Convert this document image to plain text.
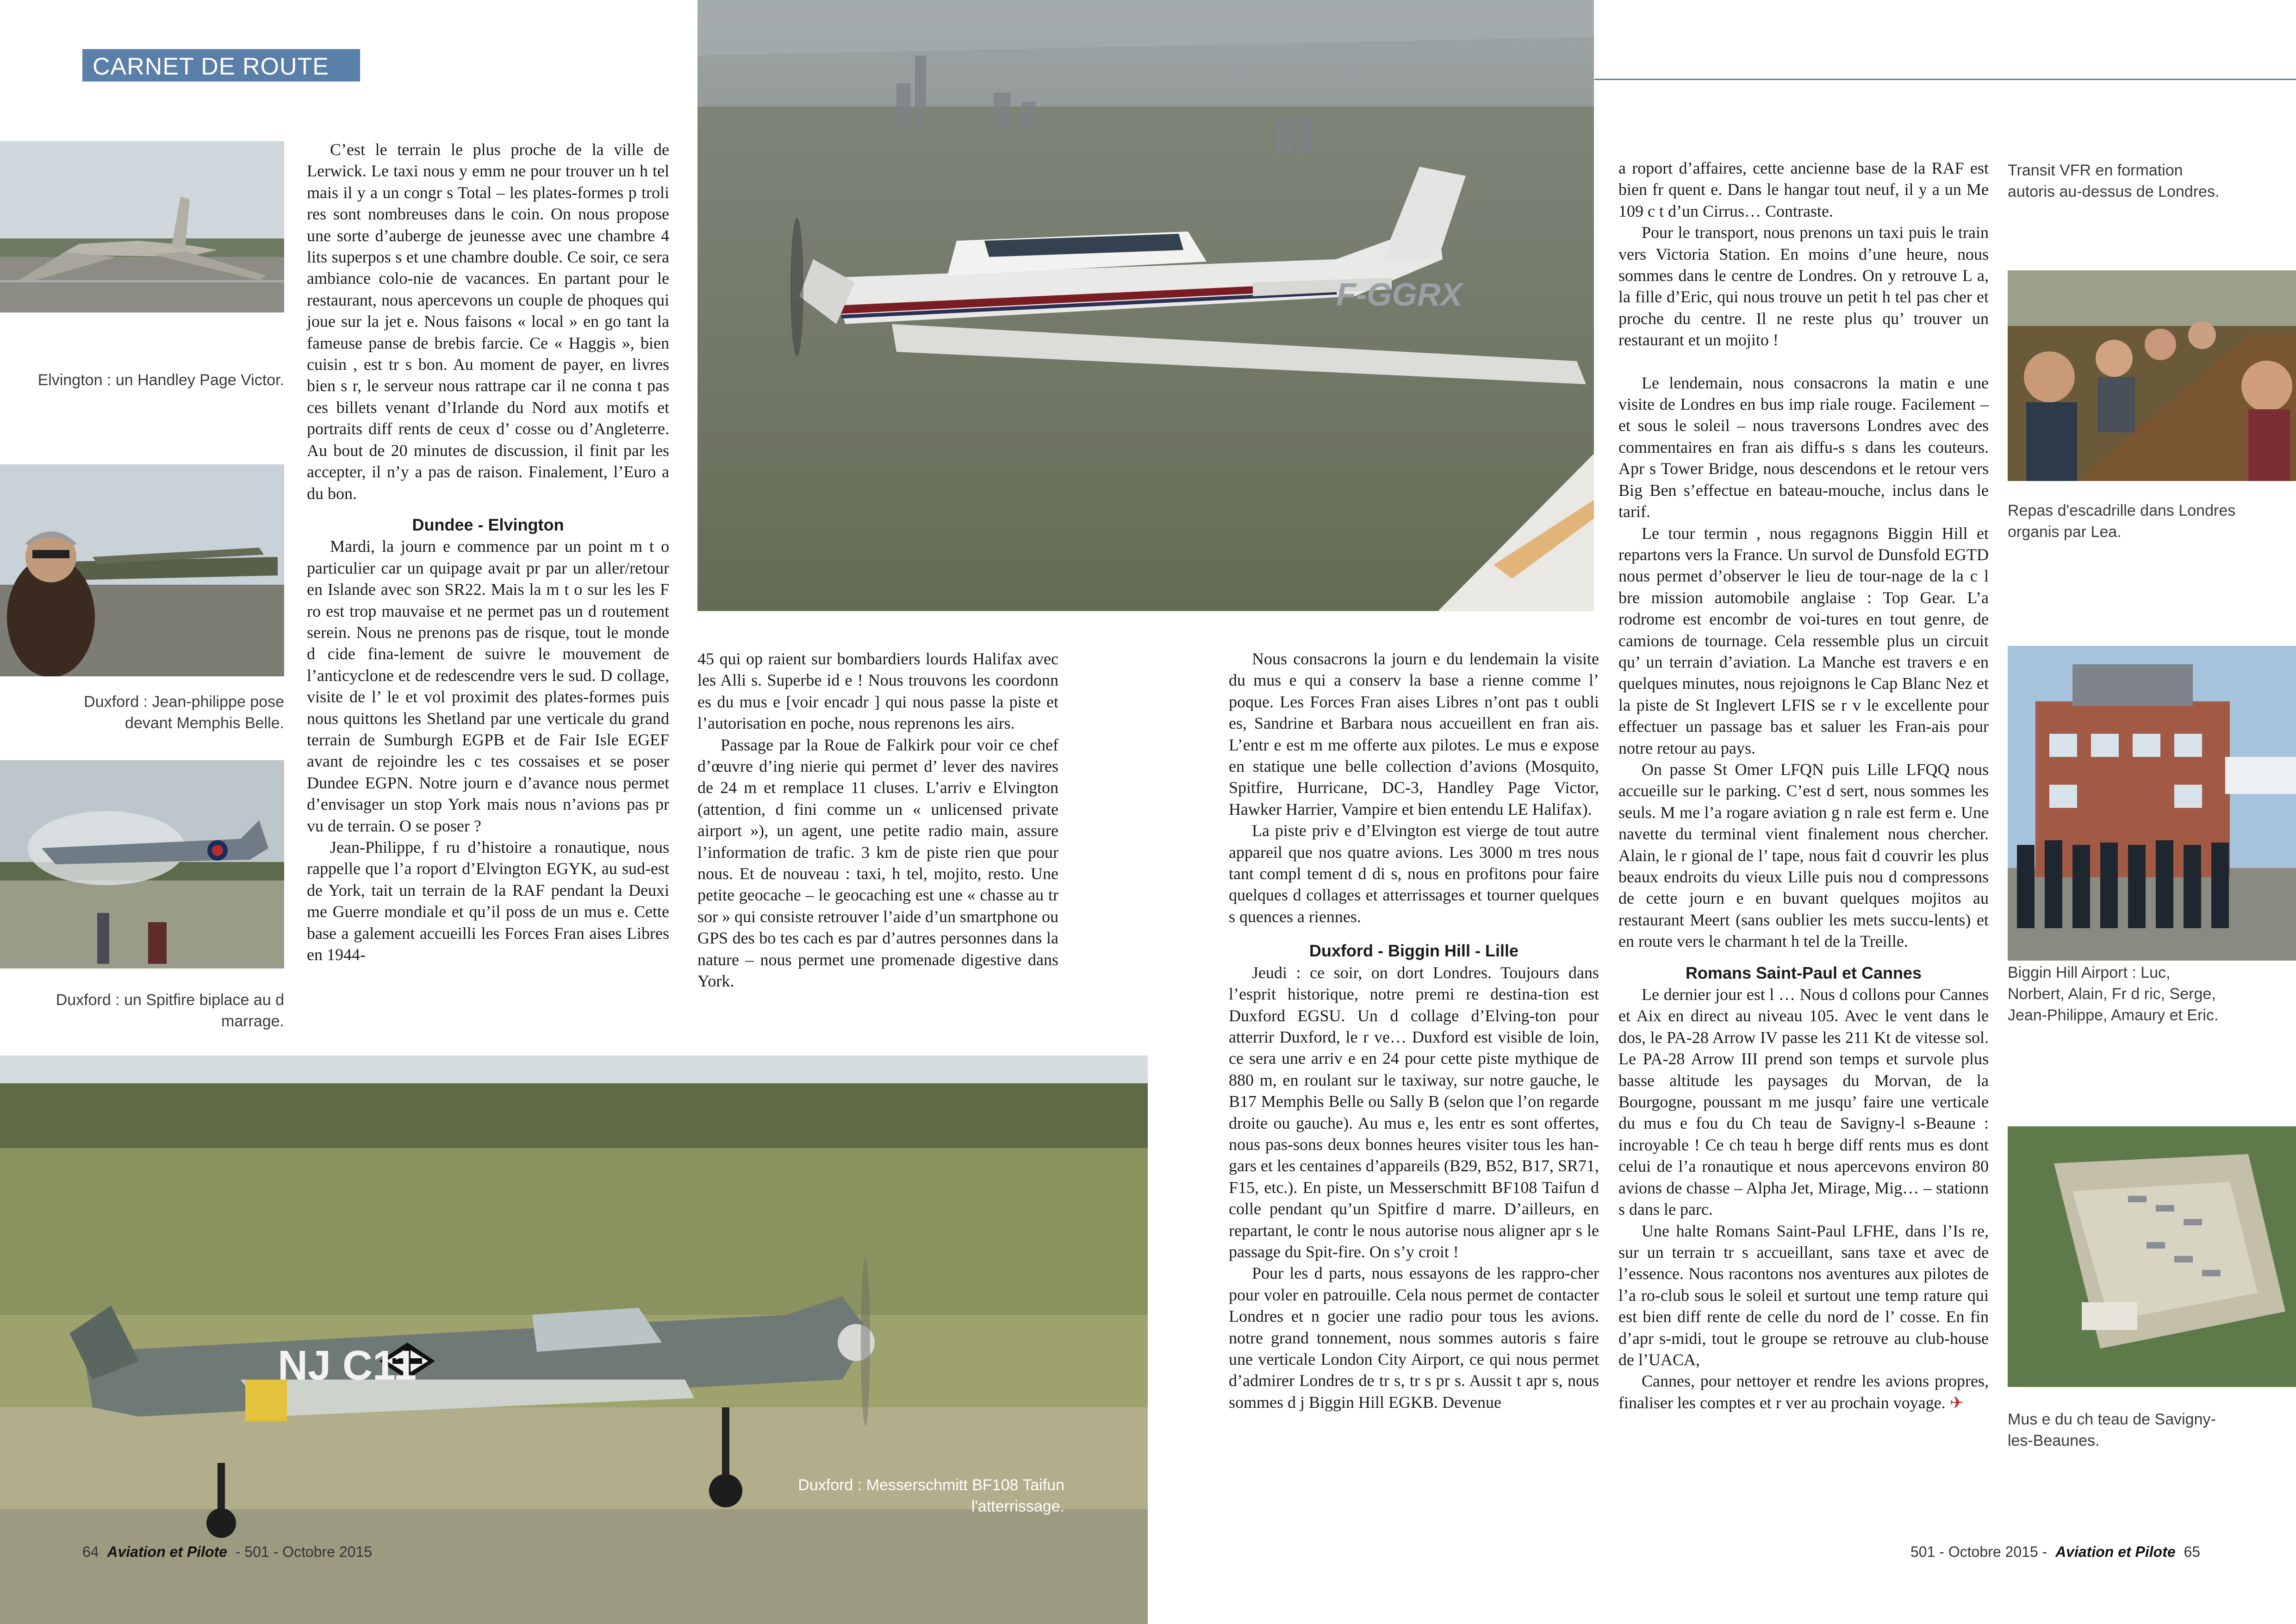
CARNET DE ROUTE
Elvington : un Handley Page Victor.
Duxford : Jean-philippe pose devant Memphis Belle.
Duxford : un Spitfire biplace au d marrage.
F-GGRX
NJ C11
Duxford : Messerschmitt BF108 Taifun l'atterrissage.
Transit VFR en formation autoris au-dessus de Londres.
Repas d'escadrille dans Londres organis par Lea.
Biggin Hill Airport : Luc, Norbert, Alain, Fr d ric, Serge, Jean-Philippe, Amaury et Eric.
Mus e du ch teau de Savigny-les-Beaunes.

C’est le terrain le plus proche de la ville de Lerwick. Le taxi nous y emm ne pour trouver un h tel mais il y a un congr s Total – les plates-formes p troli res sont nombreuses dans le coin. On nous propose une sorte d’auberge de jeunesse avec une chambre 4 lits superpos s et une chambre double. Ce soir, ce sera ambiance colo-nie de vacances. En partant pour le restaurant, nous apercevons un couple de phoques qui joue sur la jet e. Nous faisons « local » en go tant la fameuse panse de brebis farcie. Ce « Haggis », bien cuisin , est tr s bon. Au moment de payer, en livres bien s r, le serveur nous rattrape car il ne conna t pas ces billets venant d’Irlande du Nord aux motifs et portraits diff rents de ceux d’ cosse ou d’Angleterre. Au bout de 20 minutes de discussion, il finit par les accepter, il n’y a pas de raison. Finalement, l’Euro a du bon.

Dundee - Elvington

Mardi, la journ e commence par un point m t o particulier car un quipage avait pr par un aller/retour en Islande avec son SR22. Mais la m t o sur les les F ro est trop mauvaise et ne permet pas un d routement serein. Nous ne prenons pas de risque, tout le monde d cide fina-lement de suivre le mouvement de l’anticyclone et de redescendre vers le sud. D collage, visite de l’ le et vol proximit des plates-formes puis nous quittons les Shetland par une verticale du grand terrain de Sumburgh EGPB et de Fair Isle EGEF avant de rejoindre les c tes cossaises et se poser Dundee EGPN. Notre journ e d’avance nous permet d’envisager un stop York mais nous n’avions pas pr vu de terrain. O se poser ?

Jean-Philippe, f ru d’histoire a ronautique, nous rappelle que l’a roport d’Elvington EGYK, au sud-est de York, tait un terrain de la RAF pendant la Deuxi me Guerre mondiale et qu’il poss de un mus e. Cette base a galement accueilli les Forces Fran aises Libres en 1944-

45 qui op raient sur bombardiers lourds Halifax avec les Alli s. Superbe id e ! Nous trouvons les coordonn es du mus e [voir encadr ] qui nous passe la piste et l’autorisation en poche, nous reprenons les airs.

Passage par la Roue de Falkirk pour voir ce chef d’œuvre d’ing nierie qui permet d’ lever des navires de 24 m et remplace 11 cluses. L’arriv e Elvington (attention, d fini comme un « unlicensed private airport »), un agent, une petite radio main, assure l’information de trafic. 3 km de piste rien que pour nous. Et de nouveau : taxi, h tel, mojito, resto. Une petite geocache – le geocaching est une « chasse au tr sor » qui consiste retrouver l’aide d’un smartphone ou GPS des bo tes cach es par d’autres personnes dans la nature – nous permet une promenade digestive dans York.

Nous consacrons la journ e du lendemain la visite du mus e qui a conserv la base a rienne comme l’ poque. Les Forces Fran aises Libres n’ont pas t oubli es, Sandrine et Barbara nous accueillent en fran ais. L’entr e est m me offerte aux pilotes. Le mus e expose en statique une belle collection d’avions (Mosquito, Spitfire, Hurricane, DC-3, Handley Page Victor, Hawker Harrier, Vampire et bien entendu LE Halifax).

La piste priv e d’Elvington est vierge de tout autre appareil que nos quatre avions. Les 3000 m tres nous tant compl tement d di s, nous en profitons pour faire quelques d collages et atterrissages et tourner quelques s quences a riennes.

Duxford - Biggin Hill - Lille

Jeudi : ce soir, on dort Londres. Toujours dans l’esprit historique, notre premi re destina-tion est Duxford EGSU. Un d collage d’Elving-ton pour atterrir Duxford, le r ve… Duxford est visible de loin, ce sera une arriv e en 24 pour cette piste mythique de 880 m, en roulant sur le taxiway, sur notre gauche, le B17 Memphis Belle ou Sally B (selon que l’on regarde droite ou gauche). Au mus e, les entr es sont offertes, nous pas-sons deux bonnes heures visiter tous les han-gars et les centaines d’appareils (B29, B52, B17, SR71, F15, etc.). En piste, un Messerschmitt BF108 Taifun d colle pendant qu’un Spitfire d marre. D’ailleurs, en repartant, le contr le nous autorise nous aligner apr s le passage du Spit-fire. On s’y croit !

Pour les d parts, nous essayons de les rappro-cher pour voler en patrouille. Cela nous permet de contacter Londres et n gocier une radio pour tous les avions. notre grand tonnement, nous sommes autoris s faire une verticale London City Airport, ce qui nous permet d’admirer Londres de tr s, tr s pr s. Aussit t apr s, nous sommes d j Biggin Hill EGKB. Devenue

a roport d’affaires, cette ancienne base de la RAF est bien fr quent e. Dans le hangar tout neuf, il y a un Me 109 c t d’un Cirrus… Contraste.

Pour le transport, nous prenons un taxi puis le train vers Victoria Station. En moins d’une heure, nous sommes dans le centre de Londres. On y retrouve L a, la fille d’Eric, qui nous trouve un petit h tel pas cher et proche du centre. Il ne reste plus qu’ trouver un restaurant et un mojito !

Le lendemain, nous consacrons la matin e une visite de Londres en bus imp riale rouge. Facilement – et sous le soleil – nous traversons Londres avec des commentaires en fran ais diffu-s s dans les couteurs. Apr s Tower Bridge, nous descendons et le retour vers Big Ben s’effectue en bateau-mouche, inclus dans le tarif.

Le tour termin , nous regagnons Biggin Hill et repartons vers la France. Un survol de Dunsfold EGTD nous permet d’observer le lieu de tour-nage de la c l bre mission automobile anglaise : Top Gear. L’a rodrome est encombr de voi-tures en tout genre, de camions de tournage. Cela ressemble plus un circuit qu’ un terrain d’aviation. La Manche est travers e en quelques minutes, nous rejoignons le Cap Blanc Nez et la piste de St Inglevert LFIS se r v le excellente pour effectuer un passage bas et saluer les Fran-ais pour notre retour au pays.

On passe St Omer LFQN puis Lille LFQQ nous accueille sur le parking. C’est d sert, nous sommes les seuls. M me l’a rogare aviation g n rale est ferm e. Une navette du terminal vient finalement nous chercher. Alain, le r gional de l’ tape, nous fait d couvrir les plus beaux endroits du vieux Lille puis nou d compressons de cette journ e en buvant quelques mojitos au restaurant Meert (sans oublier les mets succu-lents) et en route vers le charmant h tel de la Treille.

Romans Saint-Paul et Cannes

Le dernier jour est l … Nous d collons pour Cannes et Aix en direct au niveau 105. Avec le vent dans le dos, le PA-28 Arrow IV passe les 211 Kt de vitesse sol. Le PA-28 Arrow III prend son temps et survole plus basse altitude les paysages du Morvan, de la Bourgogne, poussant m me jusqu’ faire une verticale du mus e fou du Ch teau de Savigny-l s-Beaune : incroyable ! Ce ch teau h berge diff rents mus es dont celui de l’a ronautique et nous apercevons environ 80 avions de chasse – Alpha Jet, Mirage, Mig… – stationn s dans le parc.

Une halte Romans Saint-Paul LFHE, dans l’Is re, sur un terrain tr s accueillant, sans taxe et avec de l’essence. Nous racontons nos aventures aux pilotes de l’a ro-club sous le soleil et surtout une temp rature qui est bien diff rente de celle du nord de l’ cosse. En fin d’apr s-midi, tout le groupe se retrouve au club-house de l’UACA,

Cannes, pour nettoyer et rendre les avions propres, finaliser les comptes et r ver au prochain voyage. ✈

64 Aviation et Pilote - 501 - Octobre 2015	501 - Octobre 2015 - Aviation et Pilote 65
